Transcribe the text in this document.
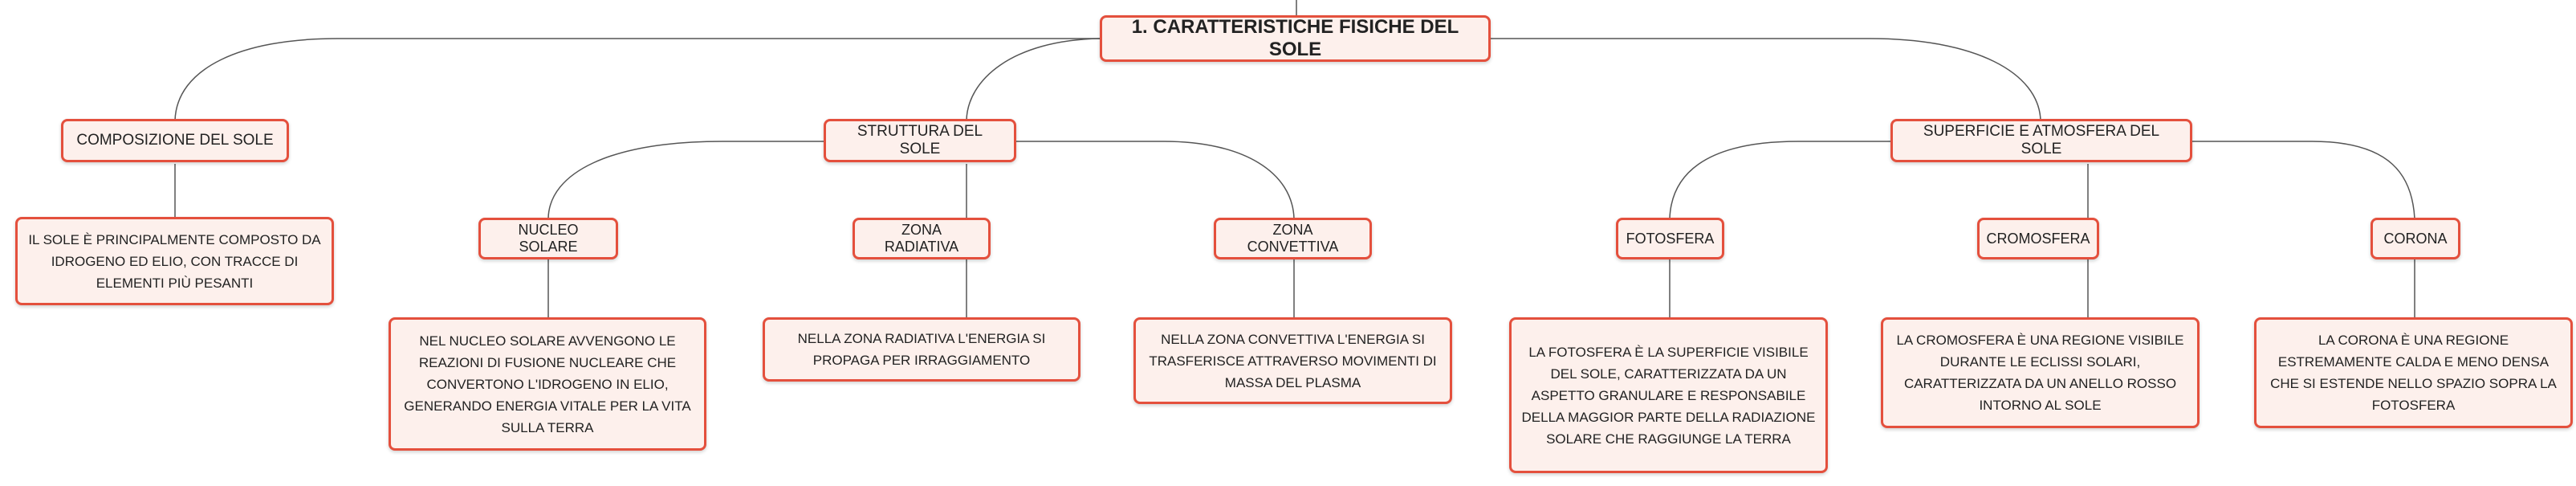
1. CARATTERISTICHE FISICHE DEL SOLE
COMPOSIZIONE DEL SOLE
STRUTTURA DEL SOLE
SUPERFICIE E ATMOSFERA DEL SOLE
IL SOLE È PRINCIPALMENTE COMPOSTO DA IDROGENO ED ELIO, CON TRACCE DI ELEMENTI PIÙ PESANTI
NUCLEO SOLARE
ZONA RADIATIVA
ZONA CONVETTIVA
NEL NUCLEO SOLARE AVVENGONO LE REAZIONI DI FUSIONE NUCLEARE CHE CONVERTONO L'IDROGENO IN ELIO, GENERANDO ENERGIA VITALE PER LA VITA SULLA TERRA
NELLA ZONA RADIATIVA L'ENERGIA SI PROPAGA PER IRRAGGIAMENTO
NELLA ZONA CONVETTIVA L'ENERGIA SI TRASFERISCE ATTRAVERSO MOVIMENTI DI MASSA DEL PLASMA
FOTOSFERA	CROMOSFERA	CORONA
LA FOTOSFERA È LA SUPERFICIE VISIBILE DEL SOLE, CARATTERIZZATA DA UN ASPETTO GRANULARE E RESPONSABILE DELLA MAGGIOR PARTE DELLA RADIAZIONE SOLARE CHE RAGGIUNGE LA TERRA
LA CROMOSFERA È UNA REGIONE VISIBILE DURANTE LE ECLISSI SOLARI, CARATTERIZZATA DA UN ANELLO ROSSO INTORNO AL SOLE
LA CORONA È UNA REGIONE ESTREMAMENTE CALDA E MENO DENSA CHE SI ESTENDE NELLO SPAZIO SOPRA LA FOTOSFERA
